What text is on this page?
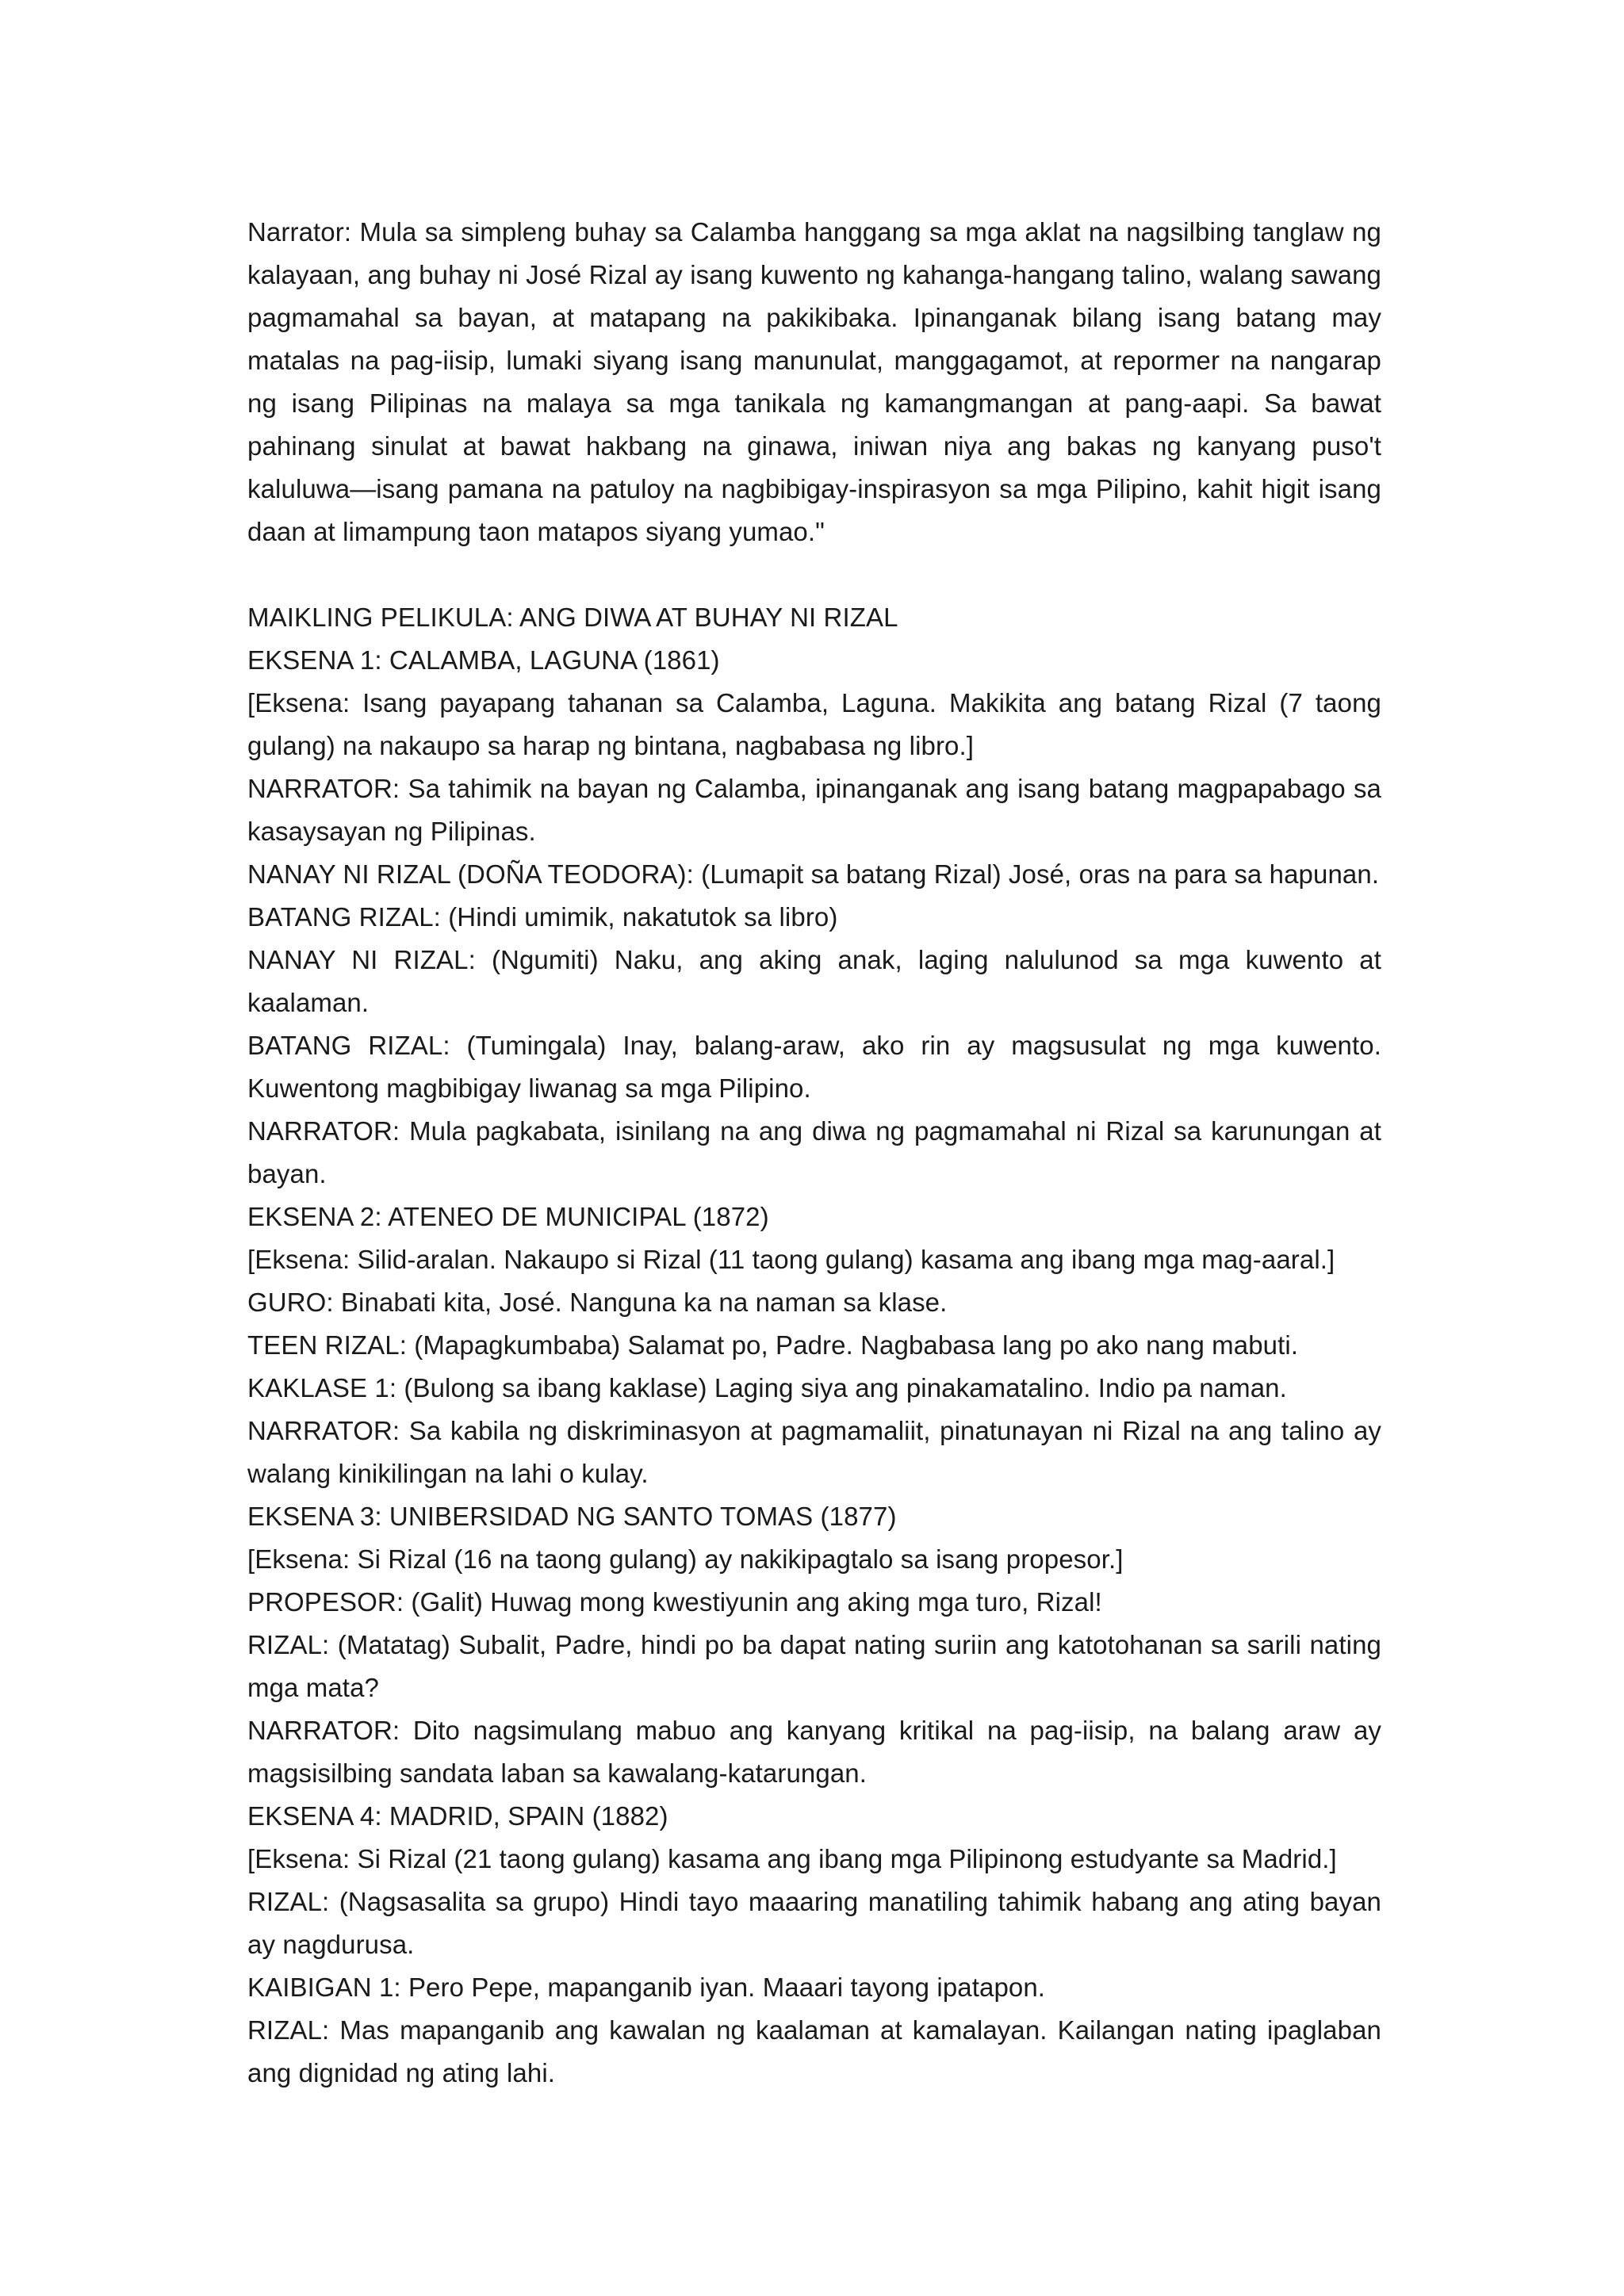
Narrator: Mula sa simpleng buhay sa Calamba hanggang sa mga aklat na nagsilbing tanglaw ng kalayaan, ang buhay ni José Rizal ay isang kuwento ng kahanga-hangang talino, walang sawang pagmamahal sa bayan, at matapang na pakikibaka. Ipinanganak bilang isang batang may matalas na pag-iisip, lumaki siyang isang manunulat, manggagamot, at repormer na nangarap ng isang Pilipinas na malaya sa mga tanikala ng kamangmangan at pang-aapi. Sa bawat pahinang sinulat at bawat hakbang na ginawa, iniwan niya ang bakas ng kanyang puso't kaluluwa—isang pamana na patuloy na nagbibigay-inspirasyon sa mga Pilipino, kahit higit isang daan at limampung taon matapos siyang yumao."

MAIKLING PELIKULA: ANG DIWA AT BUHAY NI RIZAL

EKSENA 1: CALAMBA, LAGUNA (1861)

[Eksena: Isang payapang tahanan sa Calamba, Laguna. Makikita ang batang Rizal (7 taong gulang) na nakaupo sa harap ng bintana, nagbabasa ng libro.]

NARRATOR: Sa tahimik na bayan ng Calamba, ipinanganak ang isang batang magpapabago sa kasaysayan ng Pilipinas.

NANAY NI RIZAL (DOÑA TEODORA): (Lumapit sa batang Rizal) José, oras na para sa hapunan.

BATANG RIZAL: (Hindi umimik, nakatutok sa libro)

NANAY NI RIZAL: (Ngumiti) Naku, ang aking anak, laging nalulunod sa mga kuwento at kaalaman.

BATANG RIZAL: (Tumingala) Inay, balang-araw, ako rin ay magsusulat ng mga kuwento. Kuwentong magbibigay liwanag sa mga Pilipino.

NARRATOR: Mula pagkabata, isinilang na ang diwa ng pagmamahal ni Rizal sa karunungan at bayan.

EKSENA 2: ATENEO DE MUNICIPAL (1872)

[Eksena: Silid-aralan. Nakaupo si Rizal (11 taong gulang) kasama ang ibang mga mag-aaral.]

GURO: Binabati kita, José. Nanguna ka na naman sa klase.

TEEN RIZAL: (Mapagkumbaba) Salamat po, Padre. Nagbabasa lang po ako nang mabuti.

KAKLASE 1: (Bulong sa ibang kaklase) Laging siya ang pinakamatalino. Indio pa naman.

NARRATOR: Sa kabila ng diskriminasyon at pagmamaliit, pinatunayan ni Rizal na ang talino ay walang kinikilingan na lahi o kulay.

EKSENA 3: UNIBERSIDAD NG SANTO TOMAS (1877)

[Eksena: Si Rizal (16 na taong gulang) ay nakikipagtalo sa isang propesor.]

PROPESOR: (Galit) Huwag mong kwestiyunin ang aking mga turo, Rizal!

RIZAL: (Matatag) Subalit, Padre, hindi po ba dapat nating suriin ang katotohanan sa sarili nating mga mata?

NARRATOR: Dito nagsimulang mabuo ang kanyang kritikal na pag-iisip, na balang araw ay magsisilbing sandata laban sa kawalang-katarungan.

EKSENA 4: MADRID, SPAIN (1882)

[Eksena: Si Rizal (21 taong gulang) kasama ang ibang mga Pilipinong estudyante sa Madrid.]

RIZAL: (Nagsasalita sa grupo) Hindi tayo maaaring manatiling tahimik habang ang ating bayan ay nagdurusa.

KAIBIGAN 1: Pero Pepe, mapanganib iyan. Maaari tayong ipatapon.

RIZAL: Mas mapanganib ang kawalan ng kaalaman at kamalayan. Kailangan nating ipaglaban ang dignidad ng ating lahi.
